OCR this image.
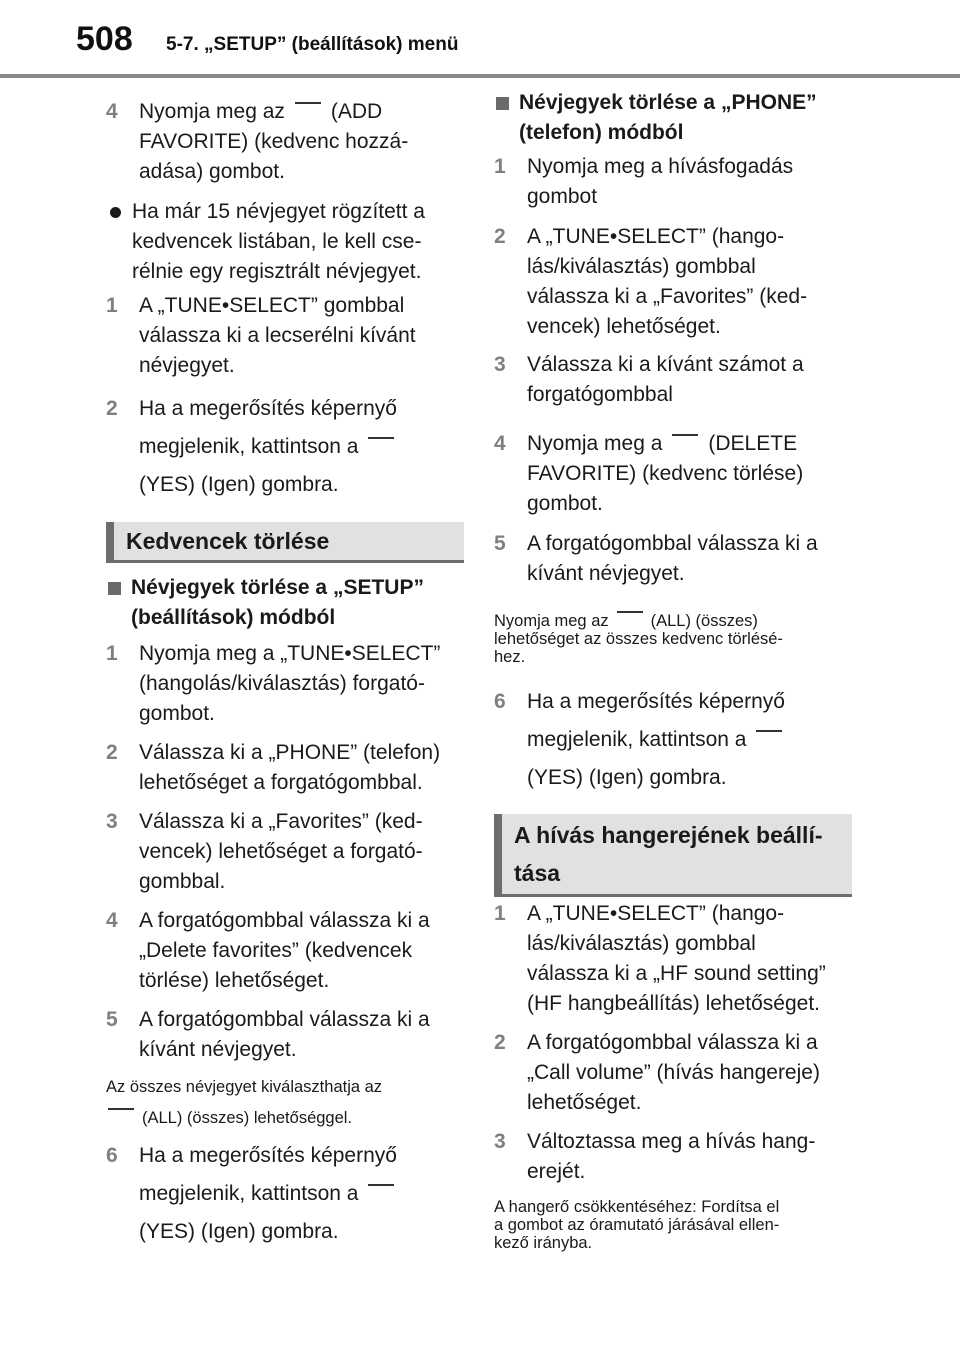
508 5-7. „SETUP” (beállítások) menü
4	Nyomja meg az (ADD
FAVORITE) (kedvenc hozzá-
adása) gombot.
Ha már 15 névjegyet rögzített a
kedvencek listában, le kell cse-
rélnie egy regisztrált névjegyet.
1	A „TUNE•SELECT” gombbal
válassza ki a lecserélni kívánt
névjegyet.
2	Ha a megerősítés képernyő
megjelenik, kattintson a
(YES) (Igen) gombra.
Kedvencek törlése
Névjegyek törlése a „SETUP”
(beállítások) módból
1	Nyomja meg a „TUNE•SELECT”
(hangolás/kiválasztás) forgató-
gombot.
2	Válassza ki a „PHONE” (telefon)
lehetőséget a forgatógombbal.
3	Válassza ki a „Favorites” (ked-
vencek) lehetőséget a forgató-
gombbal.
4	A forgatógombbal válassza ki a
„Delete favorites” (kedvencek
törlése) lehetőséget.
5	A forgatógombbal válassza ki a
kívánt névjegyet.
Az összes névjegyet kiválaszthatja az
(ALL) (összes) lehetőséggel.
6	Ha a megerősítés képernyő
megjelenik, kattintson a
(YES) (Igen) gombra.
Névjegyek törlése a „PHONE”
(telefon) módból
1	Nyomja meg a hívásfogadás
gombot
2	A „TUNE•SELECT” (hango-
lás/kiválasztás) gombbal
válassza ki a „Favorites” (ked-
vencek) lehetőséget.
3	Válassza ki a kívánt számot a
forgatógombbal
4	Nyomja meg a (DELETE
FAVORITE) (kedvenc törlése)
gombot.
5	A forgatógombbal válassza ki a
kívánt névjegyet.
Nyomja meg az	(ALL) (összes)
lehetőséget az összes kedvenc törlésé-
hez.
6	Ha a megerősítés képernyő
megjelenik, kattintson a
(YES) (Igen) gombra.
A hívás hangerejének beállí-
tása
1	A „TUNE•SELECT” (hango-
lás/kiválasztás) gombbal
válassza ki a „HF sound setting”
(HF hangbeállítás) lehetőséget.
2	A forgatógombbal válassza ki a
„Call volume” (hívás hangereje)
lehetőséget.
3	Változtassa meg a hívás hang-
erejét.
A hangerő csökkentéséhez: Fordítsa el
a gombot az óramutató járásával ellen-
kező irányba.
